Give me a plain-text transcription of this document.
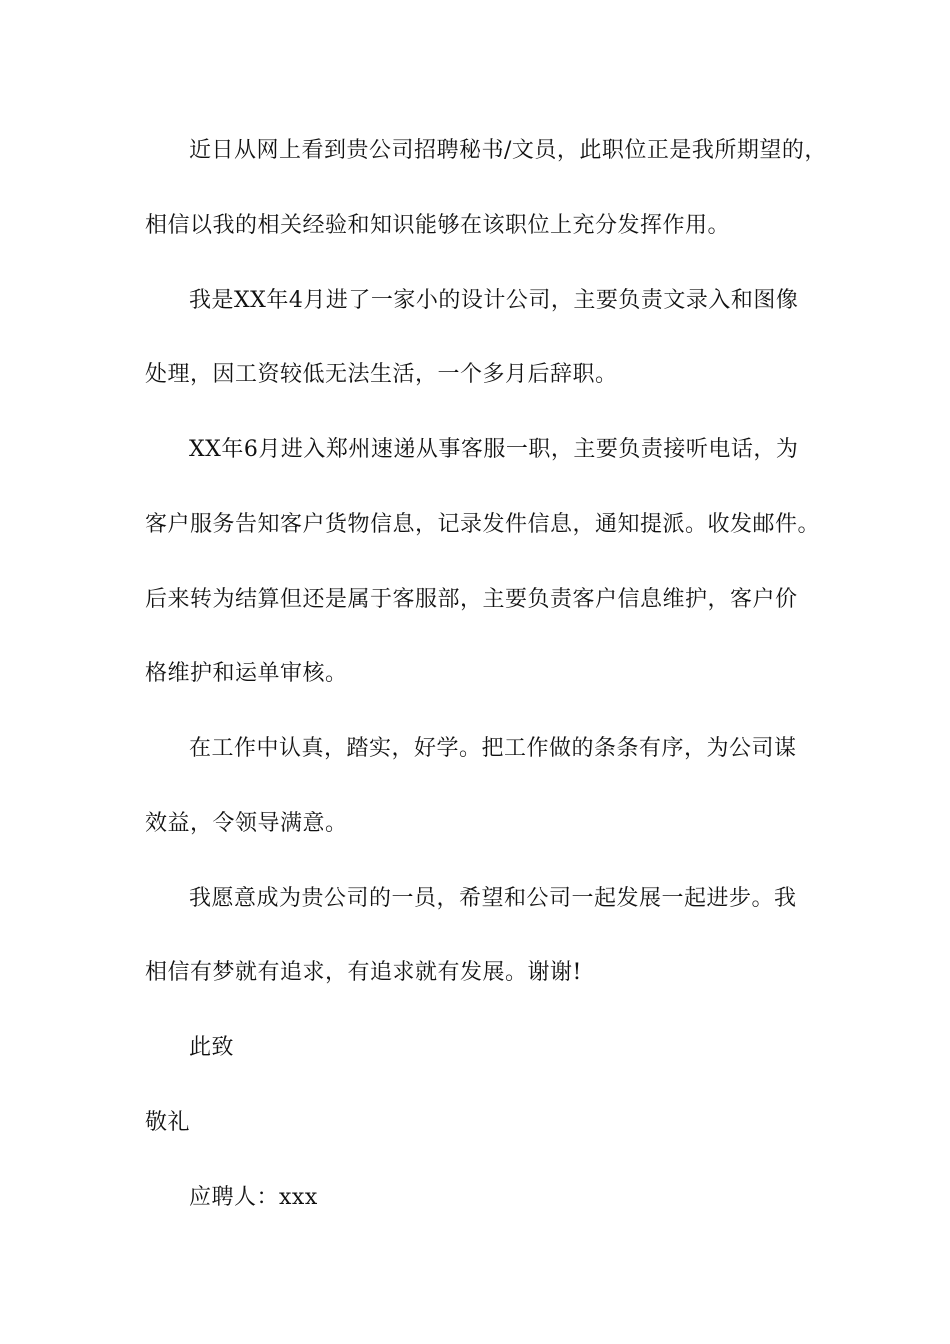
近日从网上看到贵公司招聘秘书/文员，此职位正是我所期望的，
相信以我的相关经验和知识能够在该职位上充分发挥作用。
我是XX年4月进了一家小的设计公司，主要负责文录入和图像
处理，因工资较低无法生活，一个多月后辞职。
XX年6月进入郑州速递从事客服一职，主要负责接听电话，为
客户服务告知客户货物信息，记录发件信息，通知提派。收发邮件。
后来转为结算但还是属于客服部，主要负责客户信息维护，客户价
格维护和运单审核。
在工作中认真，踏实，好学。把工作做的条条有序，为公司谋
效益，令领导满意。
我愿意成为贵公司的一员，希望和公司一起发展一起进步。我
相信有梦就有追求，有追求就有发展。谢谢!
此致
敬礼
应聘人：xxx
